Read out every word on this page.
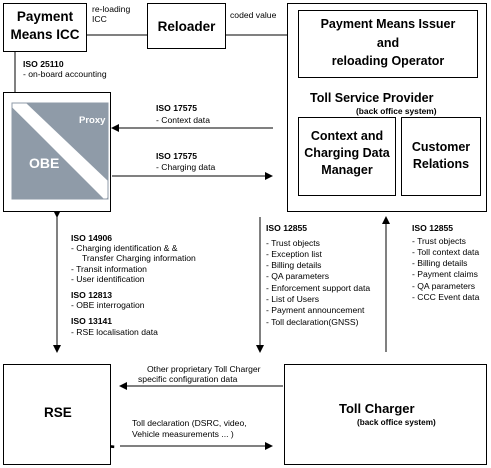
Payment
Means ICC
re-loading
ICC	Reloader
coded value
Payment Means Issuer
and
reloading Operator
Toll Service Provider
(back office system)
Context and
Charging Data
Manager
Customer
Relations
ISO 25110
- on-board accounting
Proxy
OBE
ISO 17575
- Context data
ISO 17575
- Charging data
ISO 14906
- Charging identification & &
Transfer Charging information
- Transit information
- User identification
ISO 12813
- OBE interrogation
ISO 13141
- RSE localisation data
ISO 12855
- Trust objects
- Exception list
- Billing details
- QA parameters
- Enforcement support data
- List of Users
- Payment announcement
- Toll declaration(GNSS)
ISO 12855
- Trust objects
- Toll context data
- Billing details
- Payment claims
- QA parameters
- CCC Event data
RSE
Other proprietary Toll Charger
specific configuration data
Toll declaration (DSRC, video,
Vehicle measurements ... )
Toll Charger
(back office system)
